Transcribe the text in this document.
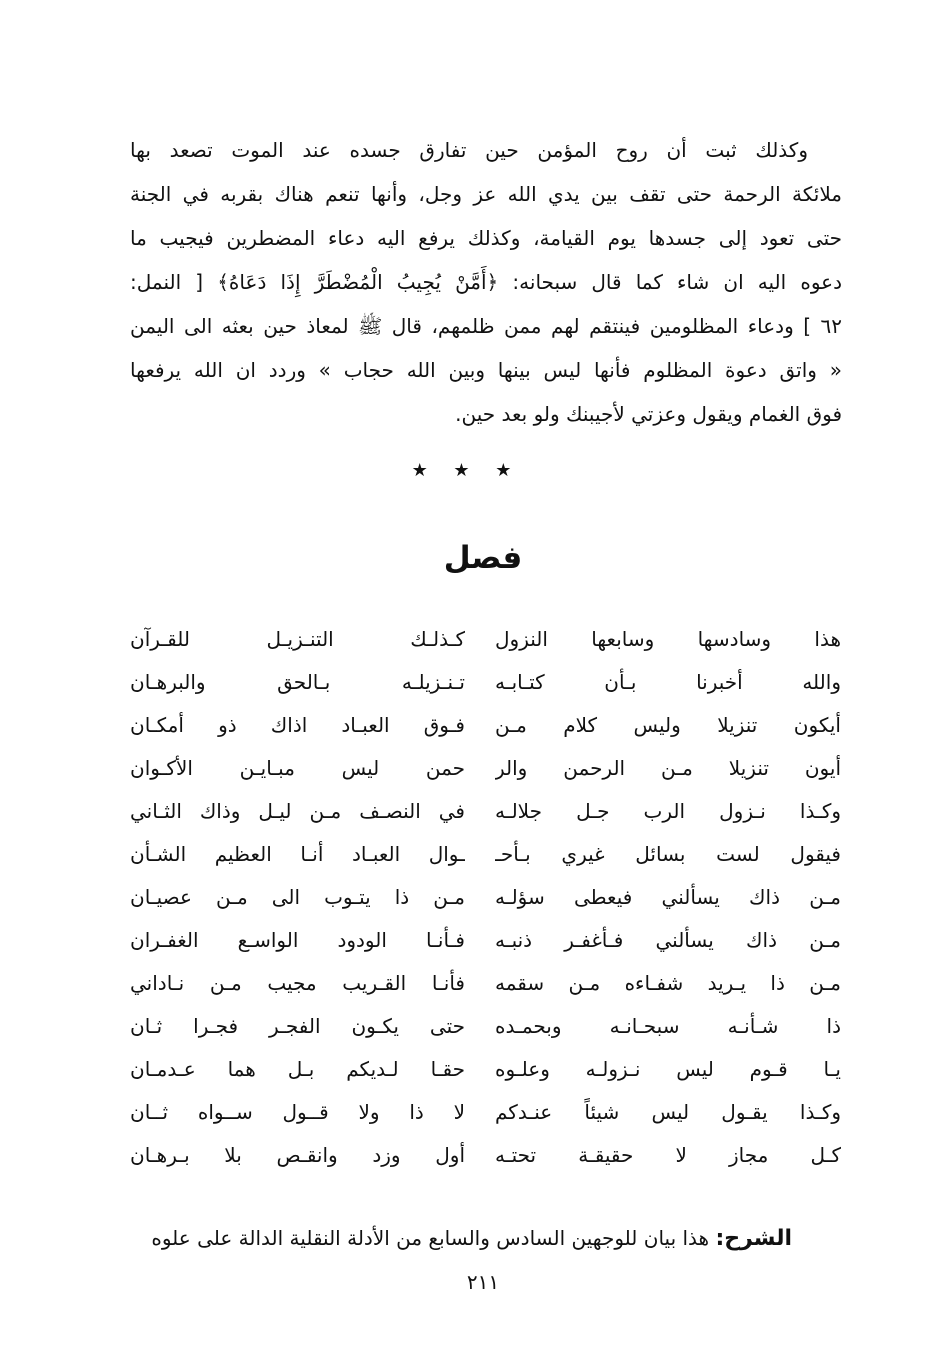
وكذلك ثبت أن روح المؤمن حين تفارق جسده عند الموت تصعد بها
ملائكة الرحمة حتى تقف بين يدي الله عز وجل، وأنها تنعم هناك بقربه في الجنة
حتى تعود إلى جسدها يوم القيامة، وكذلك يرفع اليه دعاء المضطرين فيجيب ما
دعوه اليه ان شاء كما قال سبحانه: ﴿أَمَّنْ يُجِيبُ الْمُضْطَرَّ إِذَا دَعَاهُ﴾ [ النمل:
٦٢ ] ودعاء المظلومين فينتقم لهم ممن ظلمهم، قال ﷺ لمعاذ حين بعثه الى اليمن
« واتق دعوة المظلوم فأنها ليس بينها وبين الله حجاب » وردد ان الله يرفعها
فوق الغمام ويقول وعزتي لأجيبنك ولو بعد حين.
★ ★ ★
فصل
هذا وسادسها وسابعها النزول
والله أخبرنا بـأن كتـابـه
أيكون تنزيلا وليس كلام مـن
أيون تنزيلا مـن الرحمن والر
وكـذا نـزول الرب جـل جلالـه
فيقول لست بسائل غيري بـأحـ
مـن ذاك يسألني فيعطى سؤلـه
مـن ذاك يسألني فـأغفـر ذنبـه
مـن ذا يـريد شفـاءه مـن سقمه
ذا شـأنـه سبحـانـه وبحمـده
يـا قـوم ليس نـزولـه وعلـوه
وكـذا يقـول ليس شيئاً عنـدكم
كـل مجاز لا حقيقـة تحتـه
كـذلـك التنـزيـل للقـرآن
تـنـزيلـه بـالحق والبرهـان
فـوق العبـاد اذاك ذو أمكـان
حمن ليس مبـايـن الأكـوان
في النصـف مـن ليـل وذاك الثـاني
ـوال العبـاد أنـا العظيم الشـأن
مـن ذا يتـوب الى مـن عصيـان
فـأنـا الودود الواسـع الغفـران
فأنـا القـريب مجيب مـن نـاداني
حتى يكـون الفجـر فجـرا ثـان
حقـا لـديكم بـل هما عـدمـان
لا ذا ولا قــول ســواه ثــان
أول وزد وانقـص بلا بـرهـان
الشرح: هذا بيان للوجهين السادس والسابع من الأدلة النقلية الدالة على علوه
٢١١
